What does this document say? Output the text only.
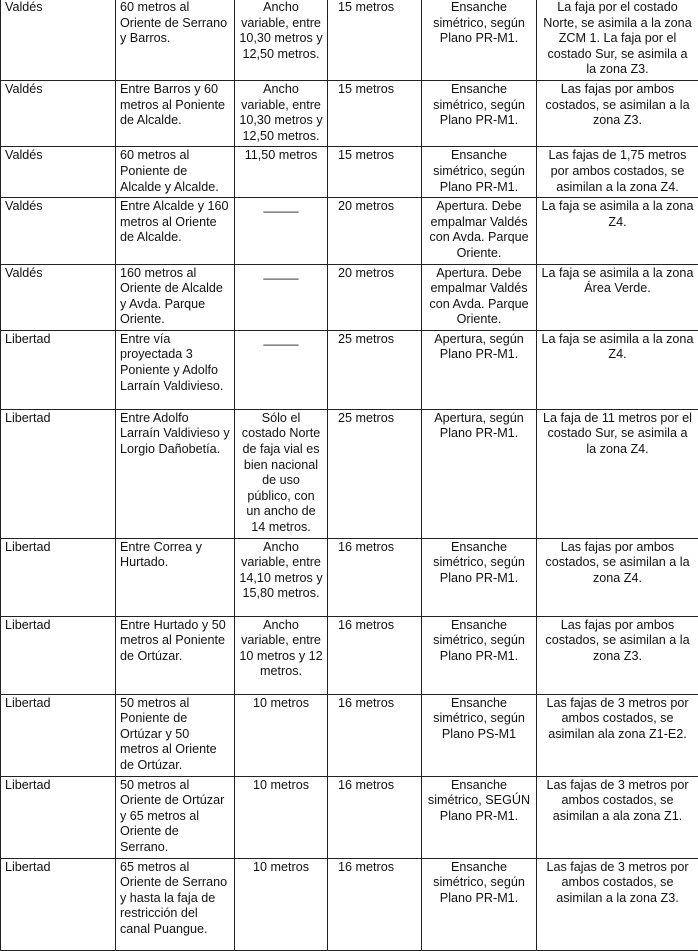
Valdés	60 metros al Oriente de Serrano y Barros.	Ancho variable, entre 10,30 metros y 12,50 metros.	15 metros	Ensanche simétrico, según Plano PR-M1.	La faja por el costado Norte, se asimila a la zona ZCM 1. La faja por el costado Sur, se asimila a la zona Z3.
Valdés	Entre Barros y 60 metros al Poniente de Alcalde.	Ancho variable, entre 10,30 metros y 12,50 metros.	15 metros	Ensanche simétrico, según Plano PR-M1.	Las fajas por ambos costados, se asimilan a la zona Z3.
Valdés	60 metros al Poniente de Alcalde y Alcalde.	11,50 metros	15 metros	Ensanche simétrico, según Plano PR-M1.	Las fajas de 1,75 metros por ambos costados, se asimilan a la zona Z4.
Valdés	Entre Alcalde y 160 metros al Oriente de Alcalde.	_____	20 metros	Apertura. Debe empalmar Valdés con Avda. Parque Oriente.	La faja se asimila a la zona Z4.
Valdés	160 metros al Oriente de Alcalde y Avda. Parque Oriente.	_____	20 metros	Apertura. Debe empalmar Valdés con Avda. Parque Oriente.	La faja se asimila a la zona Área Verde.
Libertad	Entre vía proyectada 3 Poniente y Adolfo Larraín Valdivieso.	_____	25 metros	Apertura, según Plano PR-M1.	La faja se asimila a la zona Z4.
Libertad	Entre Adolfo Larraín Valdivieso y Lorgio Dañobetía.	Sólo el costado Norte de faja vial es bien nacional de uso público, con un ancho de 14 metros.	25 metros	Apertura, según Plano PR-M1.	La faja de 11 metros por el costado Sur, se asimila a la zona Z4.
Libertad	Entre Correa y Hurtado.	Ancho variable, entre 14,10 metros y 15,80 metros.	16 metros	Ensanche simétrico, según Plano PR-M1.	Las fajas por ambos costados, se asimilan a la zona Z4.
Libertad	Entre Hurtado y 50 metros al Poniente de Ortúzar.	Ancho variable, entre 10 metros y 12 metros.	16 metros	Ensanche simétrico, según Plano PR-M1.	Las fajas por ambos costados, se asimilan a la zona Z3.
Libertad	50 metros al Poniente de Ortúzar y 50 metros al Oriente de Ortúzar.	10 metros	16 metros	Ensanche simétrico, según Plano PS-M1	Las fajas de 3 metros por ambos costados, se asimilan ala zona Z1-E2.
Libertad	50 metros al Oriente de Ortúzar y 65 metros al Oriente de Serrano.	10 metros	16 metros	Ensanche simétrico, SEGÚN Plano PR-M1.	Las fajas de 3 metros por ambos costados, se asimilan a ala zona Z1.
Libertad	65 metros al Oriente de Serrano y hasta la faja de restricción del canal Puangue.	10 metros	16 metros	Ensanche simétrico, según Plano PR-M1.	Las fajas de 3 metros por ambos costados, se asimilan a la zona Z3.
